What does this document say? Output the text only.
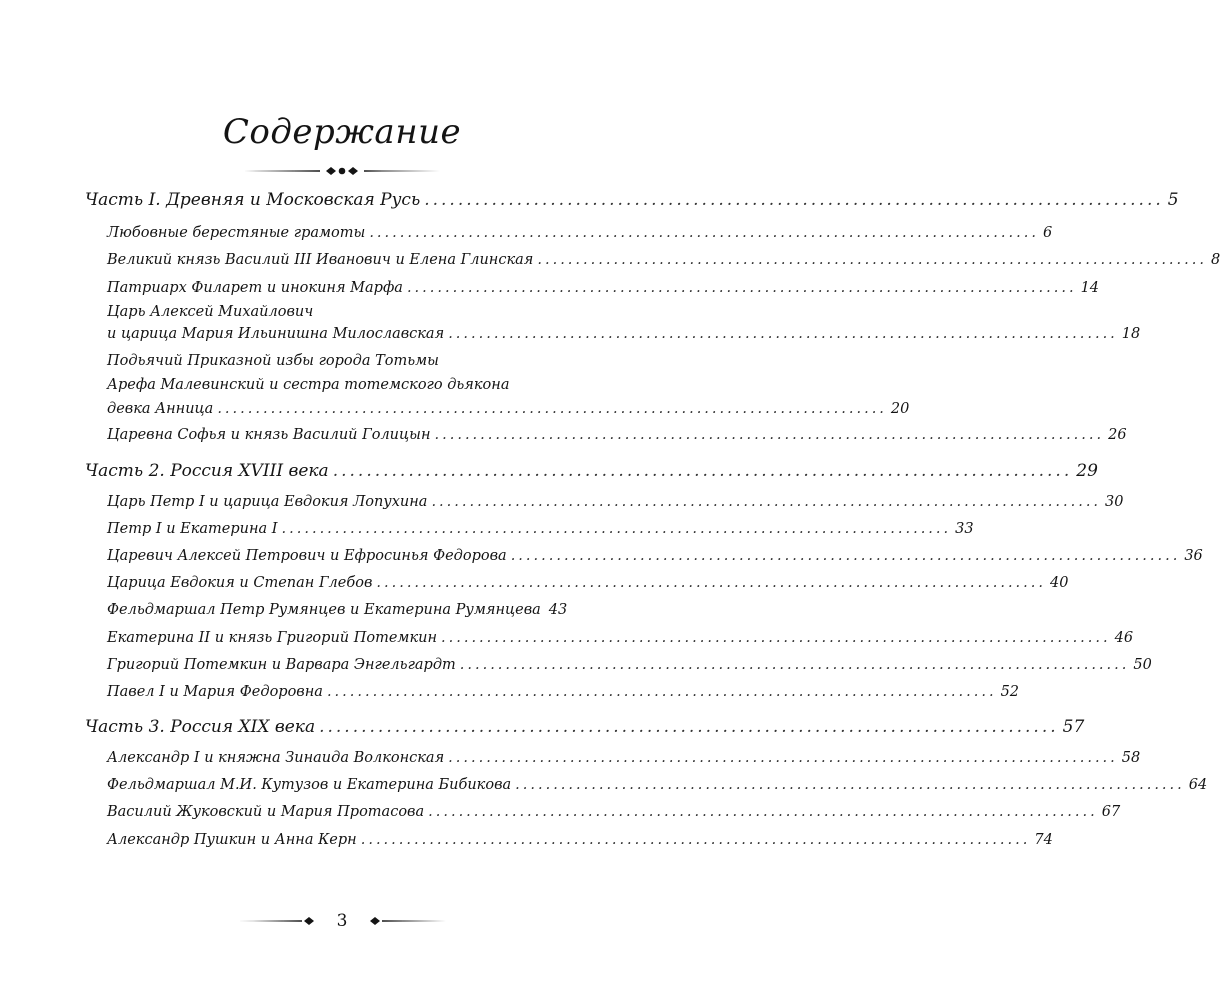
Содержание
Часть I. Древняя и Московская Русь ........................................................................................ 5
Любовные берестяные грамоты ........................................................................................ 6
Великий князь Василий III Иванович и Елена Глинская ........................................................................................ 8
Патриарх Филарет и инокиня Марфа ........................................................................................ 14
Царь Алексей Михайлович
и царица Мария Ильинишна Милославская ........................................................................................ 18
Подьячий Приказной избы города Тотьмы
Арефа Малевинский и сестра тотемского дьякона
девка Анница ........................................................................................ 20
Царевна Софья и князь Василий Голицын ........................................................................................ 26
Часть 2. Россия XVIII века ........................................................................................ 29
Царь Петр I и царица Евдокия Лопухина ........................................................................................ 30
Петр I и Екатерина I ........................................................................................ 33
Царевич Алексей Петрович и Ефросинья Федорова ........................................................................................ 36
Царица Евдокия и Степан Глебов ........................................................................................ 40
Фельдмаршал Петр Румянцев и Екатерина Румянцева 43
Екатерина II и князь Григорий Потемкин ........................................................................................ 46
Григорий Потемкин и Варвара Энгельгардт ........................................................................................ 50
Павел I и Мария Федоровна ........................................................................................ 52
Часть 3. Россия XIX века ........................................................................................ 57
Александр I и княжна Зинаида Волконская ........................................................................................ 58
Фельдмаршал М.И. Кутузов и Екатерина Бибикова ........................................................................................ 64
Василий Жуковский и Мария Протасова ........................................................................................ 67
Александр Пушкин и Анна Керн ........................................................................................ 74
3
